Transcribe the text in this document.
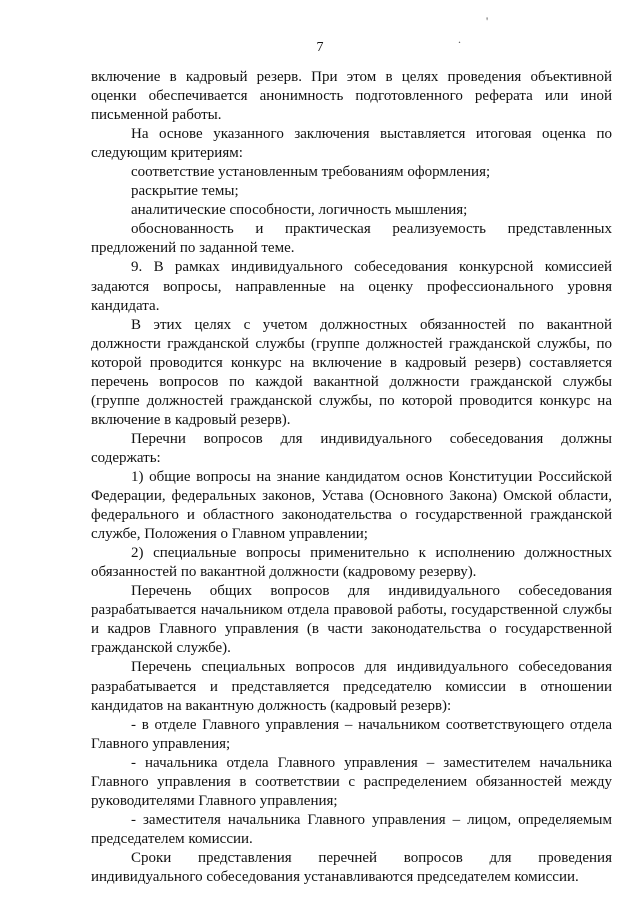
'
.
7

включение в кадровый резерв. При этом в целях проведения объективной оценки обеспечивается анонимность подготовленного реферата или иной письменной работы.

На основе указанного заключения выставляется итоговая оценка по следующим критериям:

соответствие установленным требованиям оформления;

раскрытие темы;

аналитические способности, логичность мышления;

обоснованность и практическая реализуемость представленных предложений по заданной теме.

9. В рамках индивидуального собеседования конкурсной комиссией задаются вопросы, направленные на оценку профессионального уровня кандидата.

В этих целях с учетом должностных обязанностей по вакантной должности гражданской службы (группе должностей гражданской службы, по которой проводится конкурс на включение в кадровый резерв) составляется перечень вопросов по каждой вакантной должности гражданской службы (группе должностей гражданской службы, по которой проводится конкурс на включение в кадровый резерв).

Перечни вопросов для индивидуального собеседования должны содержать:

1) общие вопросы на знание кандидатом основ Конституции Российской Федерации, федеральных законов, Устава (Основного Закона) Омской области, федерального и областного законодательства о государственной гражданской службе, Положения о Главном управлении;

2) специальные вопросы применительно к исполнению должностных обязанностей по вакантной должности (кадровому резерву).

Перечень общих вопросов для индивидуального собеседования разрабатывается начальником отдела правовой работы, государственной службы и кадров Главного управления (в части законодательства о государственной гражданской службе).

Перечень специальных вопросов для индивидуального собеседования разрабатывается и представляется председателю комиссии в отношении кандидатов на вакантную должность (кадровый резерв):

- в отделе Главного управления – начальником соответствующего отдела Главного управления;

- начальника отдела Главного управления – заместителем начальника Главного управления в соответствии с распределением обязанностей между руководителями Главного управления;

- заместителя начальника Главного управления – лицом, определяемым председателем комиссии.

Сроки представления перечней вопросов для проведения индивидуального собеседования устанавливаются председателем комиссии.
